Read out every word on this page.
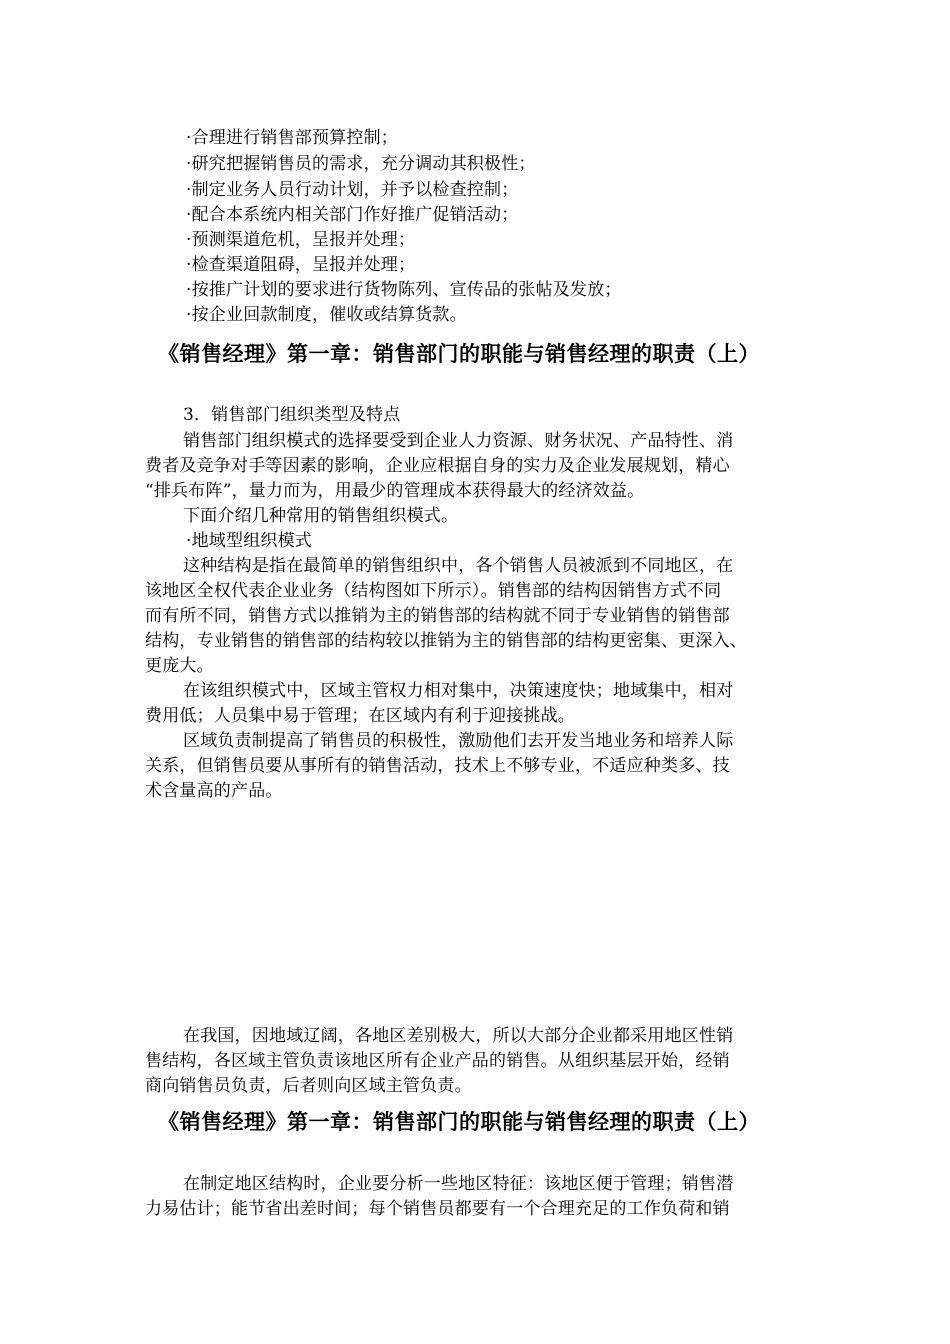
·合理进行销售部预算控制；
·研究把握销售员的需求，充分调动其积极性；
·制定业务人员行动计划，并予以检查控制；
·配合本系统内相关部门作好推广促销活动；
·预测渠道危机，呈报并处理；
·检查渠道阻碍，呈报并处理；
·按推广计划的要求进行货物陈列、宣传品的张帖及发放；
·按企业回款制度，催收或结算货款。
《销售经理》第一章：销售部门的职能与销售经理的职责（上）
3．销售部门组织类型及特点
销售部门组织模式的选择要受到企业人力资源、财务状况、产品特性、消
费者及竞争对手等因素的影响，企业应根据自身的实力及企业发展规划，精心
“排兵布阵”，量力而为，用最少的管理成本获得最大的经济效益。
下面介绍几种常用的销售组织模式。
·地域型组织模式
这种结构是指在最简单的销售组织中，各个销售人员被派到不同地区，在
该地区全权代表企业业务（结构图如下所示）。销售部的结构因销售方式不同
而有所不同，销售方式以推销为主的销售部的结构就不同于专业销售的销售部
结构，专业销售的销售部的结构较以推销为主的销售部的结构更密集、更深入、
更庞大。
在该组织模式中，区域主管权力相对集中，决策速度快；地域集中，相对
费用低；人员集中易于管理；在区域内有利于迎接挑战。
区域负责制提高了销售员的积极性，激励他们去开发当地业务和培养人际
关系，但销售员要从事所有的销售活动，技术上不够专业，不适应种类多、技
术含量高的产品。
在我国，因地域辽阔，各地区差别极大，所以大部分企业都采用地区性销
售结构，各区域主管负责该地区所有企业产品的销售。从组织基层开始，经销
商向销售员负责，后者则向区域主管负责。
《销售经理》第一章：销售部门的职能与销售经理的职责（上）
在制定地区结构时，企业要分析一些地区特征：该地区便于管理；销售潜
力易估计；能节省出差时间；每个销售员都要有一个合理充足的工作负荷和销
